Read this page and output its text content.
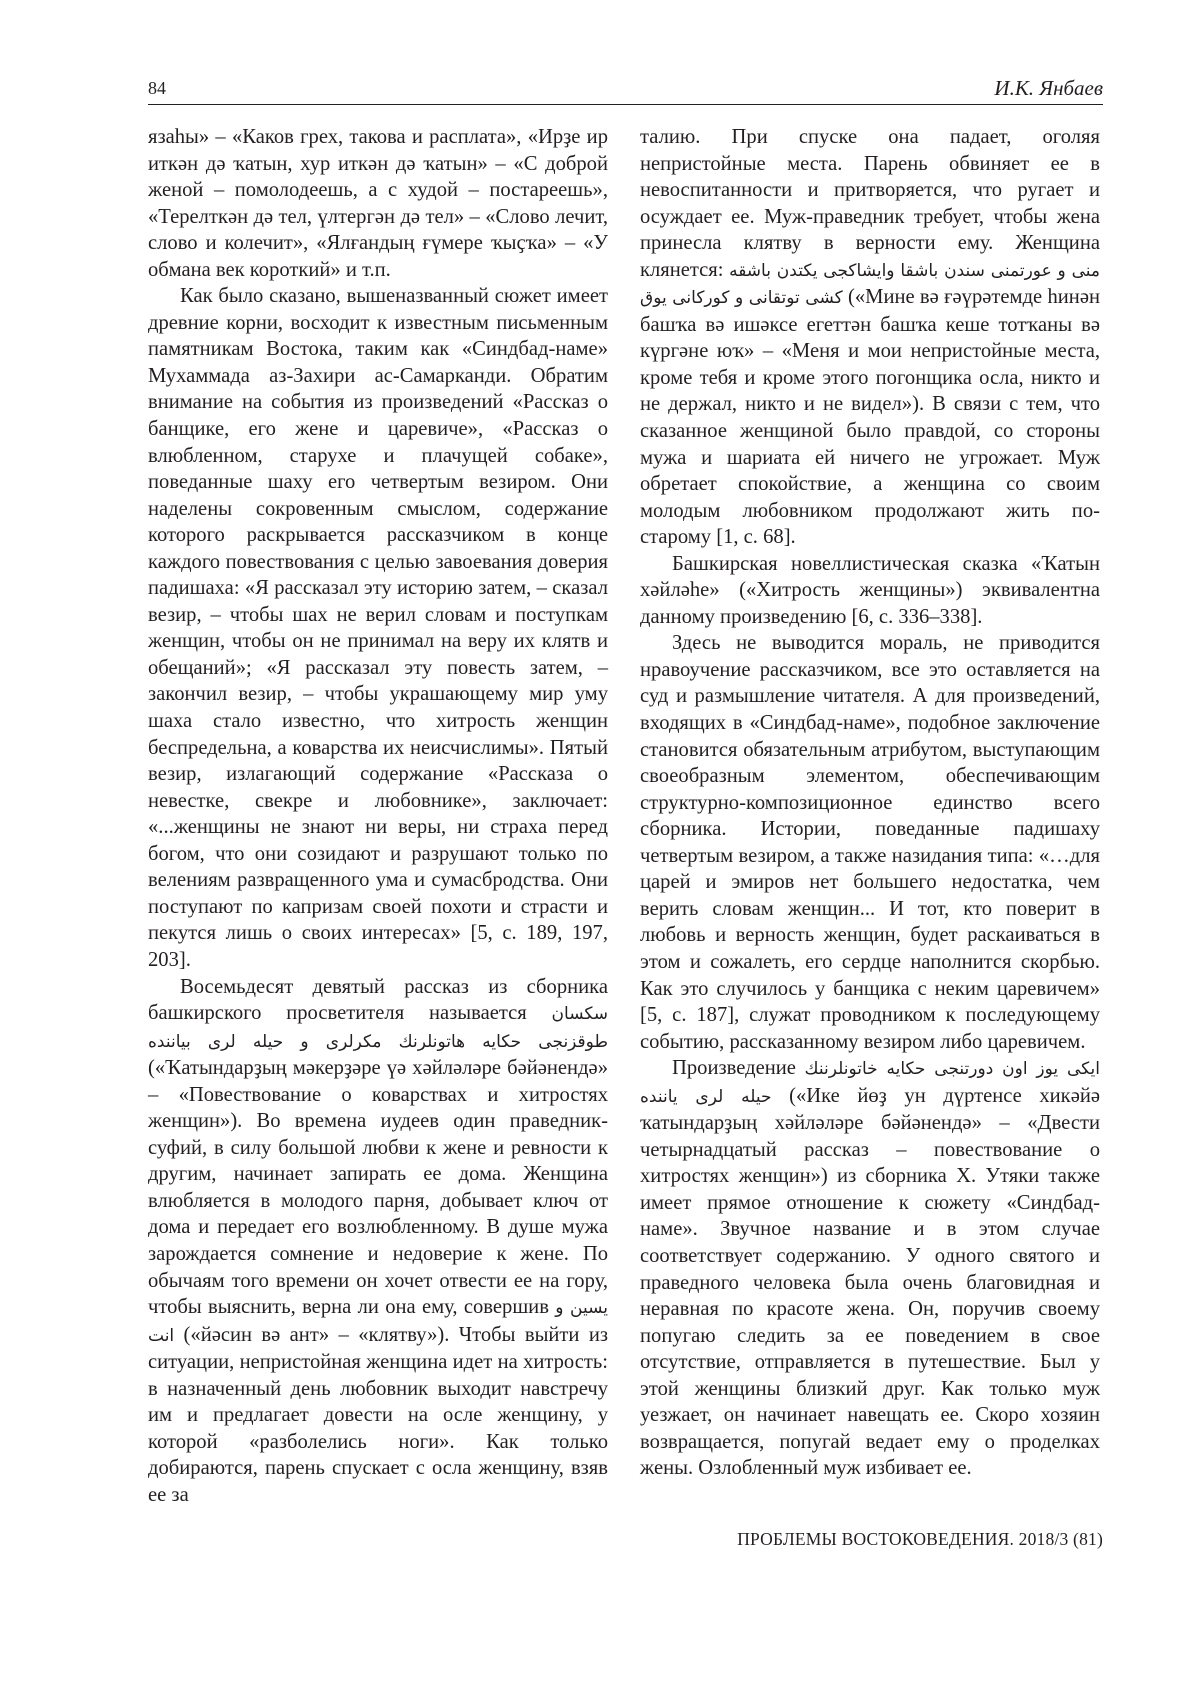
84	И.К. Янбаев

язаһы» – «Каков грех, такова и расплата», «Ирҙе ир иткән дә ҡатын, хур иткән дә ҡатын» – «С доброй женой – помолодеешь, а с худой – постареешь», «Терелткән дә тел, үлтергән дә тел» – «Слово лечит, слово и колечит», «Ялғандың ғүмере ҡыҫҡа» – «У обмана век короткий» и т.п.

Как было сказано, вышеназванный сюжет имеет древние корни, восходит к известным письменным памятникам Востока, таким как «Синдбад-наме» Мухаммада аз-Захири ас-Самарканди. Обратим внимание на события из произведений «Рассказ о банщике, его жене и царевиче», «Рассказ о влюбленном, старухе и плачущей собаке», поведанные шаху его четвертым везиром. Они наделены сокровенным смыслом, содержание которого раскрывается рассказчиком в конце каждого повествования с целью завоевания доверия падишаха: «Я рассказал эту историю затем, – сказал везир, – чтобы шах не верил словам и поступкам женщин, чтобы он не принимал на веру их клятв и обещаний»; «Я рассказал эту повесть затем, – закончил везир, – чтобы украшающему мир уму шаха стало известно, что хитрость женщин беспредельна, а коварства их неисчислимы». Пятый везир, излагающий содержание «Рассказа о невестке, свекре и любовнике», заключает: «...женщины не знают ни веры, ни страха перед богом, что они созидают и разрушают только по велениям развращенного ума и сумасбродства. Они поступают по капризам своей похоти и страсти и пекутся лишь о своих интересах» [5, с. 189, 197, 203].

Восемьдесят девятый рассказ из сборника башкирского просветителя называется سكسان طوقزنجى حكايه هاتونلرنك مكرلرى و حيله لرى بياننده («Ҡатындарҙың мәкерҙәре үә хәйләләре бәйәнендә» – «Повествование о коварствах и хитростях женщин»). Во времена иудеев один праведник-суфий, в силу большой любви к жене и ревности к другим, начинает запирать ее дома. Женщина влюбляется в молодого парня, добывает ключ от дома и передает его возлюбленному. В душе мужа зарождается сомнение и недоверие к жене. По обычаям того времени он хочет отвести ее на гору, чтобы выяснить, верна ли она ему, совершив يسين و انت («йәсин вә ант» – «клятву»). Чтобы выйти из ситуации, непристойная женщина идет на хитрость: в назначенный день любовник выходит навстречу им и предлагает довести на осле женщину, у которой «разболелись ноги». Как только добираются, парень спускает с осла женщину, взяв ее за

талию. При спуске она падает, оголяя непристойные места. Парень обвиняет ее в невоспитанности и притворяется, что ругает и осуждает ее. Муж-праведник требует, чтобы жена принесла клятву в верности ему. Женщина клянется: منى و عورتمنى سندن باشقا وايشاكجى يكتدن باشقه كشى توتقانى و كوركانى يوق («Мине вә ғәүрәтемде һинән башҡа вә ишәксе егеттән башҡа кеше тотҡаны вә күргәне юҡ» – «Меня и мои непристойные места, кроме тебя и кроме этого погонщика осла, никто и не держал, никто и не видел»). В связи с тем, что сказанное женщиной было правдой, со стороны мужа и шариата ей ничего не угрожает. Муж обретает спокойствие, а женщина со своим молодым любовником продолжают жить по-старому [1, с. 68].

Башкирская новеллистическая сказка «Ҡатын хәйләһе» («Хитрость женщины») эквивалентна данному произведению [6, с. 336–338].

Здесь не выводится мораль, не приводится нравоучение рассказчиком, все это оставляется на суд и размышление читателя. А для произведений, входящих в «Синдбад-наме», подобное заключение становится обязательным атрибутом, выступающим своеобразным элементом, обеспечивающим структурно-композиционное единство всего сборника. Истории, поведанные падишаху четвертым везиром, а также назидания типа: «…для царей и эмиров нет большего недостатка, чем верить словам женщин... И тот, кто поверит в любовь и верность женщин, будет раскаиваться в этом и сожалеть, его сердце наполнится скорбью. Как это случилось у банщика с неким царевичем» [5, с. 187], служат проводником к последующему событию, рассказанному везиром либо царевичем.

Произведение ايكى يوز اون دورتنجى حكايه خاتونلرننك حيله لرى ياننده («Ике йөҙ ун дүртенсе хикәйә ҡатындарҙың хәйләләре бәйәнендә» – «Двести четырнадцатый рассказ – повествование о хитростях женщин») из сборника Х. Утяки также имеет прямое отношение к сюжету «Синдбад-наме». Звучное название и в этом случае соответствует содержанию. У одного святого и праведного человека была очень благовидная и неравная по красоте жена. Он, поручив своему попугаю следить за ее поведением в свое отсутствие, отправляется в путешествие. Был у этой женщины близкий друг. Как только муж уезжает, он начинает навещать ее. Скоро хозяин возвращается, попугай ведает ему о проделках жены. Озлобленный муж избивает ее.

ПРОБЛЕМЫ ВОСТОКОВЕДЕНИЯ. 2018/3 (81)
